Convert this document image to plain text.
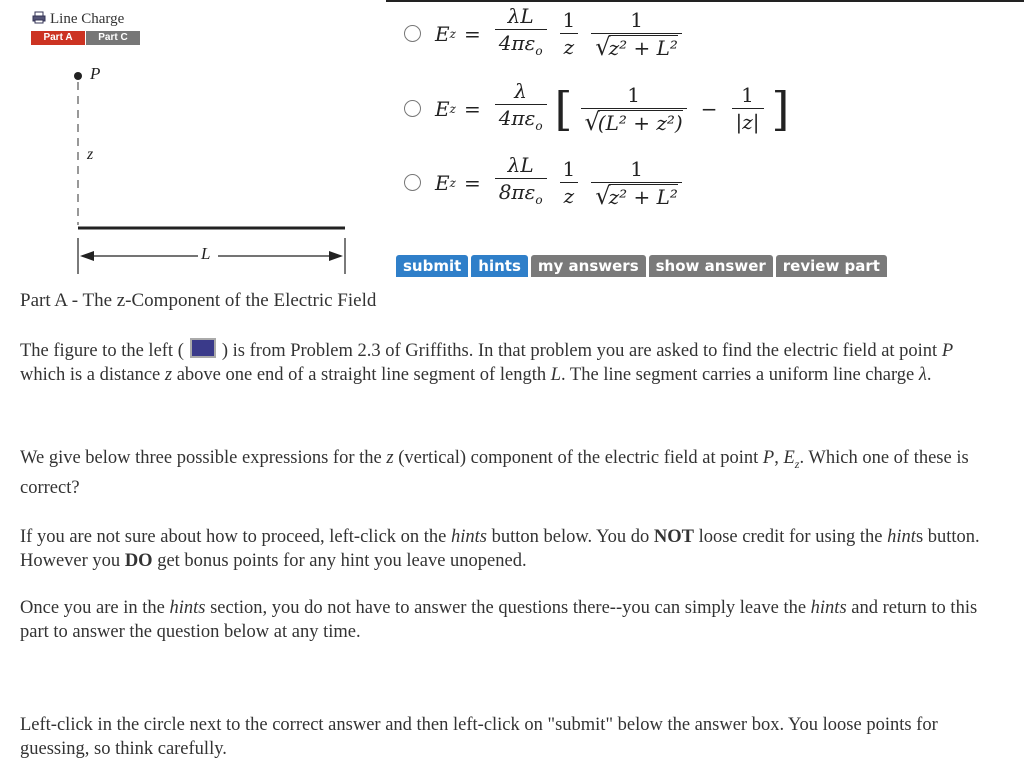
Line Charge
Part A	Part C
P
z
L
E $z = \frac{\lambda L}{4\pi\varepsilon_o} \frac{1}{z} \frac{1}{\text{√z² + L²}}$
E $z = \frac{\lambda}{4\pi\varepsilon_o}$ [ $\frac{1}{\text{√(L² + z²)}} - \frac{1}{|z|}$ ]
E $z = \frac{\lambda L}{8\pi\varepsilon_o} \frac{1}{z} \frac{1}{\text{√z² + L²}}$
submit	hints	my answers	show answer	review part
Part A - The z-Component of the Electric Field
The figure to the left ( ) is from Problem 2.3 of Griffiths. In that problem you are asked to find the electric field at point P which is a distance z above one end of a straight line segment of length L. The line segment carries a uniform line charge λ.
We give below three possible expressions for the z (vertical) component of the electric field at point P, $E_z$. Which one of these is correct?
If you are not sure about how to proceed, left-click on the hints button below. You do NOT loose credit for using the hints button. However you DO get bonus points for any hint you leave unopened.
Once you are in the hints section, you do not have to answer the questions there--you can simply leave the hints and return to this part to answer the question below at any time.
Left-click in the circle next to the correct answer and then left-click on "submit" below the answer box. You loose points for guessing, so think carefully.
